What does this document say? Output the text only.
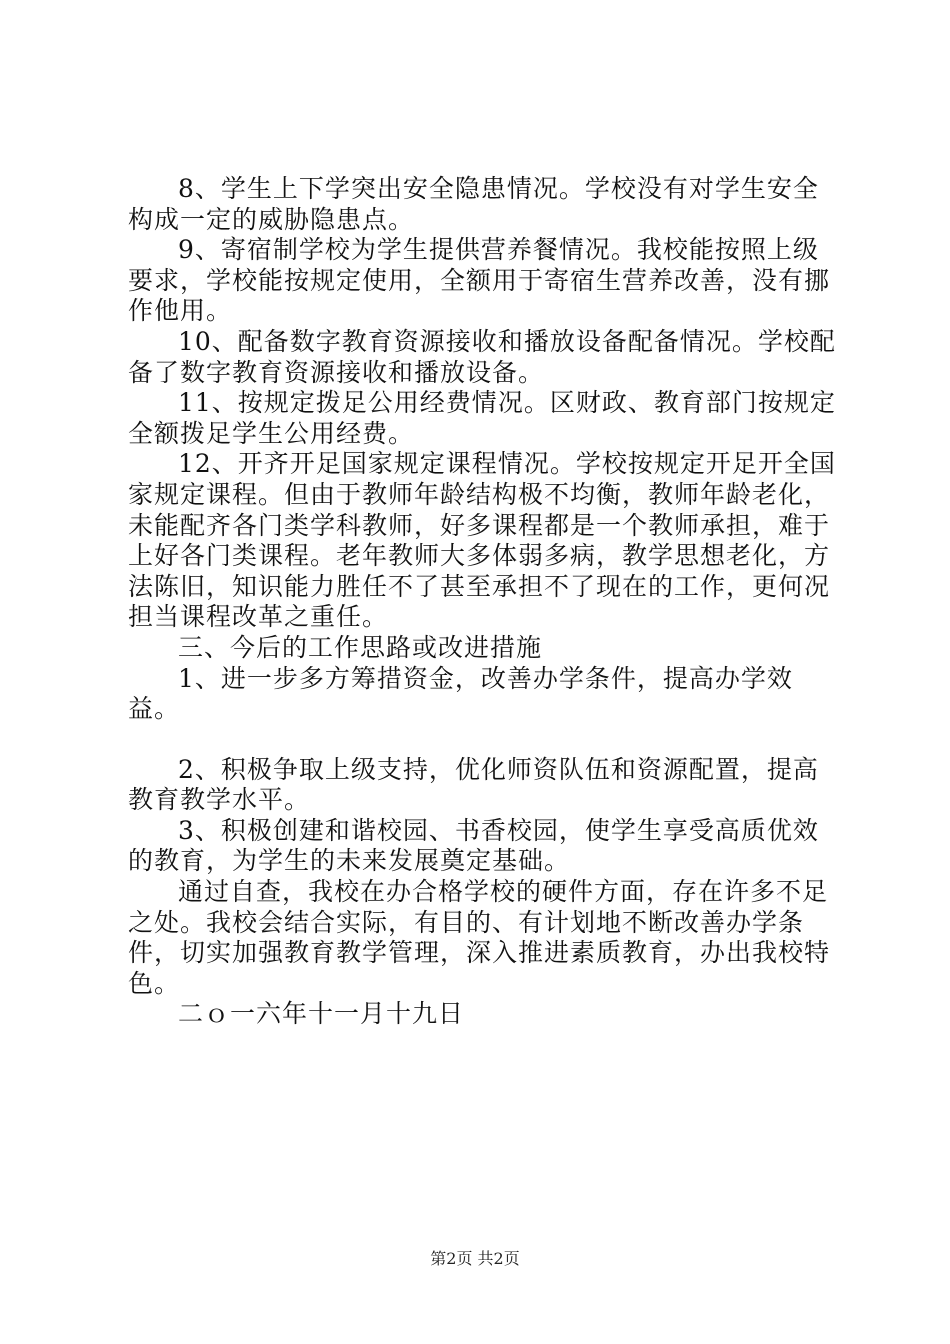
8、学生上下学突出安全隐患情况。学校没有对学生安全构成一定的威胁隐患点。

9、寄宿制学校为学生提供营养餐情况。我校能按照上级要求，学校能按规定使用，全额用于寄宿生营养改善，没有挪作他用。

10、配备数字教育资源接收和播放设备配备情况。学校配备了数字教育资源接收和播放设备。

11、按规定拨足公用经费情况。区财政、教育部门按规定全额拨足学生公用经费。

12、开齐开足国家规定课程情况。学校按规定开足开全国家规定课程。但由于教师年龄结构极不均衡，教师年龄老化，未能配齐各门类学科教师，好多课程都是一个教师承担，难于上好各门类课程。老年教师大多体弱多病，教学思想老化，方法陈旧，知识能力胜任不了甚至承担不了现在的工作，更何况担当课程改革之重任。

三、今后的工作思路或改进措施

1、进一步多方筹措资金，改善办学条件，提高办学效益。

2、积极争取上级支持，优化师资队伍和资源配置，提高教育教学水平。

3、积极创建和谐校园、书香校园，使学生享受高质优效的教育，为学生的未来发展奠定基础。

通过自查，我校在办合格学校的硬件方面，存在许多不足之处。我校会结合实际，有目的、有计划地不断改善办学条件，切实加强教育教学管理，深入推进素质教育，办出我校特色。

二ｏ一六年十一月十九日

第2页 共2页
